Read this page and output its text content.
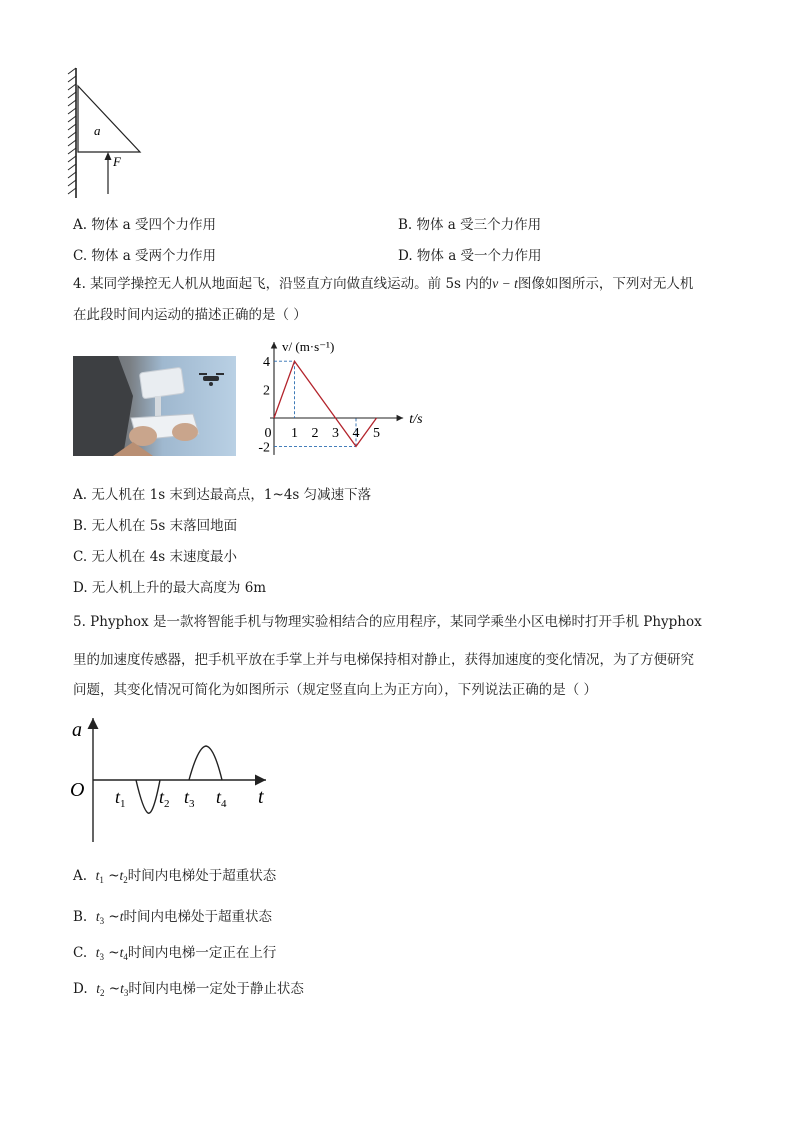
a
F
A. 物体 a 受四个力作用	B. 物体 a 受三个力作用
C. 物体 a 受两个力作用	D. 物体 a 受一个力作用
4. 某同学操控无人机从地面起飞，沿竖直方向做直线运动。前 5s 内的v − t图像如图所示，下列对无人机
在此段时间内运动的描述正确的是（ ）
4
2
-2
0 1 2 3 4 5
v/ (m·s⁻¹)
t/s
A. 无人机在 1s 末到达最高点，1~4s 匀减速下落
B. 无人机在 5s 末落回地面
C. 无人机在 4s 末速度最小
D. 无人机上升的最大高度为 6m
5. Phyphox 是一款将智能手机与物理实验相结合的应用程序，某同学乘坐小区电梯时打开手机 Phyphox
里的加速度传感器，把手机平放在手掌上并与电梯保持相对静止，获得加速度的变化情况，为了方便研究
问题，其变化情况可简化为如图所示（规定竖直向上为正方向），下列说法正确的是（ ）
a
O	t
$t_1$ $t_2$ $t_3$ $t_4$
A. $t_1$ $\sim t_2$时间内电梯处于超重状态
B. $t_3$ ~t时间内电梯处于超重状态
C. $t_3$ $\sim t_4$时间内电梯一定正在上行
D. $t_2$ $\sim t_3$时间内电梯一定处于静止状态
